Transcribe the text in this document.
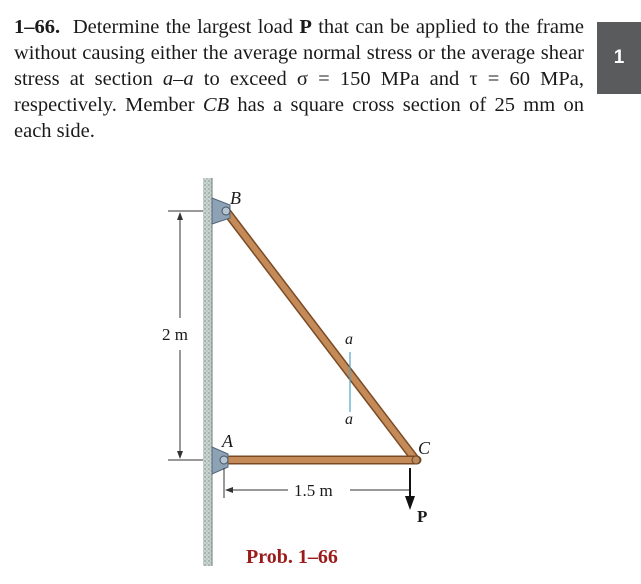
1–66. Determine the largest load P that can be applied to the frame without causing either the average normal stress or the average shear stress at section a–a to exceed σ = 150 MPa and τ = 60 MPa, respectively. Member CB has a square cross section of 25 mm on each side.
1
a
a
B
A	C
2 m
1.5 m
P
Prob. 1–66
